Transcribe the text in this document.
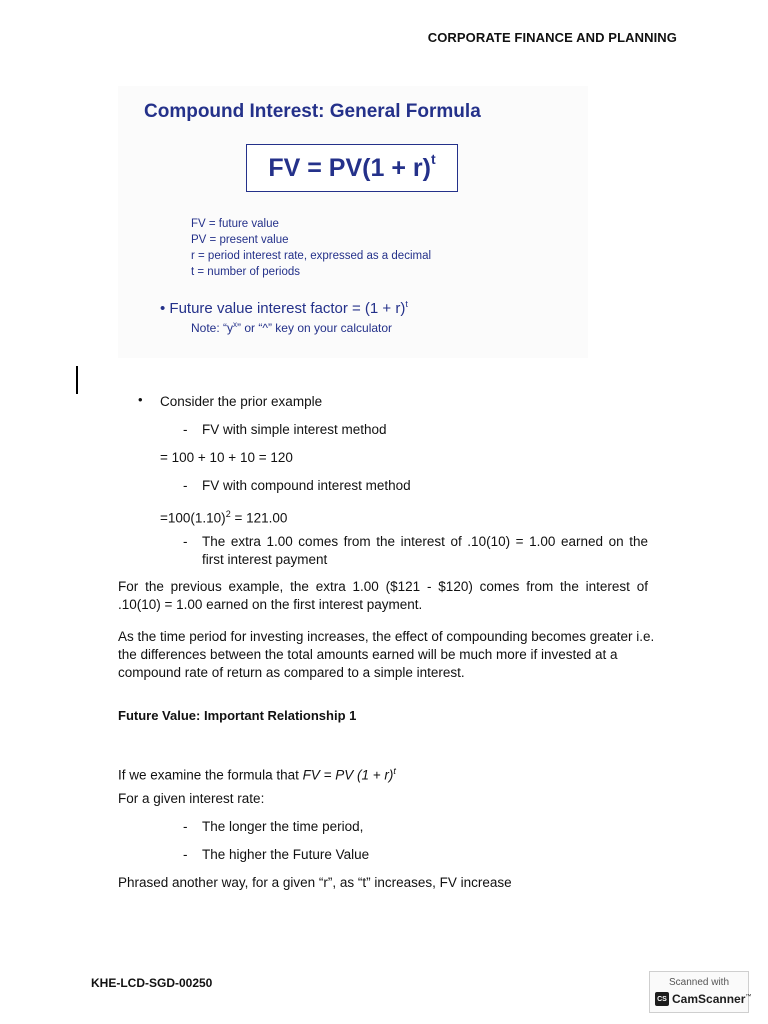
CORPORATE FINANCE AND PLANNING
Compound Interest: General Formula
FV = $PV(1 + r)^t$
FV = future value
PV = present value
r = period interest rate, expressed as a decimal
t = number of periods
• Future value interest factor = $(1 + r)^t$
Note: “$y^x$” or “^” key on your calculator
• Consider the prior example
- FV with simple interest method
= 100 + 10 + 10 = 120
- FV with compound interest method
$=100(1.10)^2 = 121.00$
- The extra 1.00 comes from the interest of .10(10) = 1.00 earned on the first interest payment
For the previous example, the extra 1.00 ($121 - $120) comes from the interest of .10(10) = 1.00 earned on the first interest payment.
As the time period for investing increases, the effect of compounding becomes greater i.e. the differences between the total amounts earned will be much more if invested at a compound rate of return as compared to a simple interest.
Future Value: Important Relationship 1
If we examine the formula that FV = PV $(1 + r)^t$
For a given interest rate:
- The longer the time period,
- The higher the Future Value
Phrased another way, for a given “r”, as “t” increases, FV increase
KHE-LCD-SGD-00250	Scanned with
CS CamScanner™
